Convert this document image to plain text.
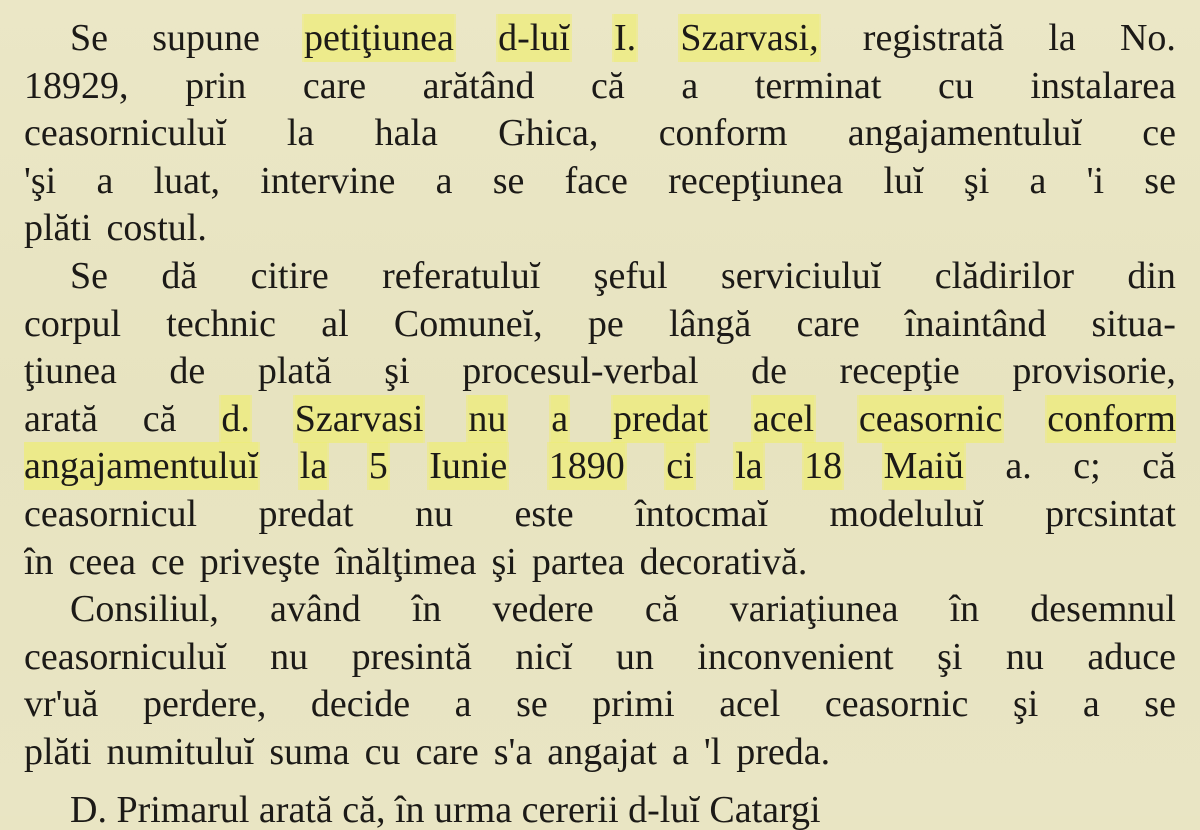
Se supune petiţiunea d-luĭ I. Szarvasi, registrată la No.
18929, prin care arătând că a terminat cu instalarea
ceasorniculuĭ la hala Ghica, conform angajamentuluĭ ce
'şi a luat, intervine a se face recepţiunea luĭ şi a 'i se
plăti costul.
Se dă citire referatuluĭ şeful serviciuluĭ clădirilor din
corpul technic al Comuneĭ, pe lângă care înaintând situa-
ţiunea de plată şi procesul-verbal de recepţie provisorie,
arată că d. Szarvasi nu a predat acel ceasornic conform
angajamentuluĭ la 5 Iunie 1890 ci la 18 Maiŭ a. c; că
ceasornicul predat nu este întocmaĭ modeluluĭ prcsintat
în ceea ce priveşte înălţimea şi partea decorativă.
Consiliul, având în vedere că variaţiunea în desemnul
ceasorniculuĭ nu presintă nicĭ un inconvenient şi nu aduce
vr'uă perdere, decide a se primi acel ceasornic şi a se
plăti numituluĭ suma cu care s'a angajat a 'l preda.
D. Primarul arată că, în urma cererii d-luĭ Catargi
